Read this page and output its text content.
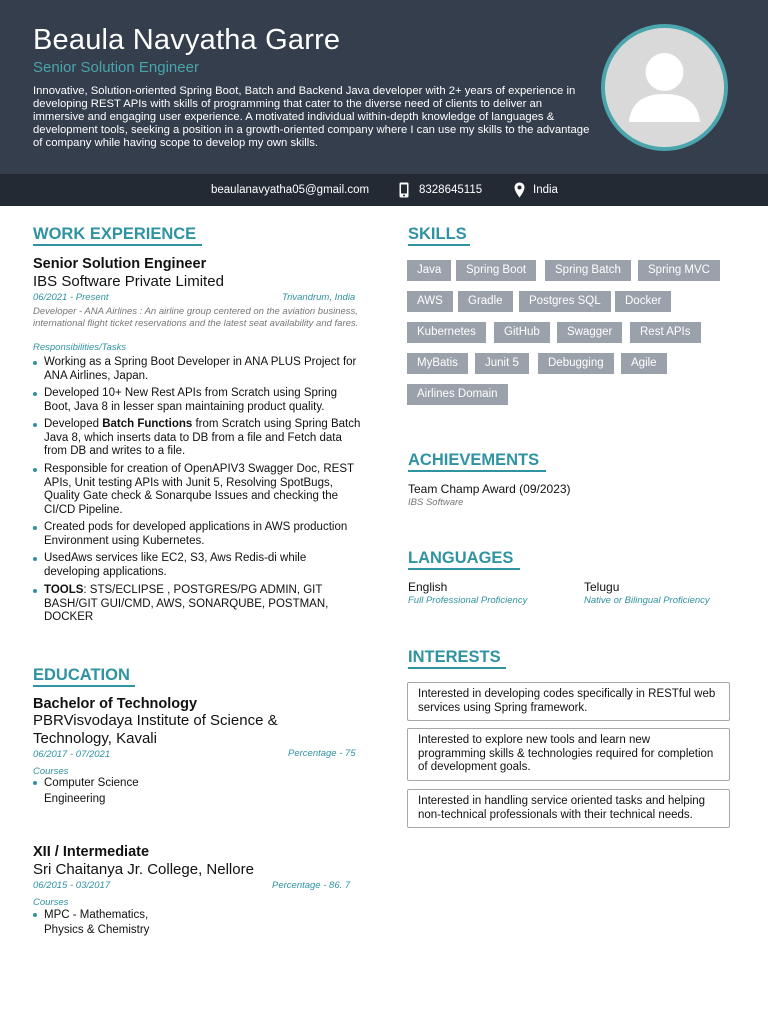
Beaula Navyatha Garre
Senior Solution Engineer
Innovative, Solution-oriented Spring Boot, Batch and Backend Java developer with 2+ years of experience in developing REST APIs with skills of programming that cater to the diverse need of clients to deliver an immersive and engaging user experience. A motivated individual within-depth knowledge of languages & development tools, seeking a position in a growth-oriented company where I can use my skills to the advantage of company while having scope to develop my own skills.
beaulanavyatha05@gmail.com	8328645115	India
WORK EXPERIENCE
Senior Solution Engineer
IBS Software Private Limited
06/2021 - Present	Trivandrum, India
Developer - ANA Airlines : An airline group centered on the aviation business, international flight ticket reservations and the latest seat availability and fares.
Responsibilities/Tasks
Working as a Spring Boot Developer in ANA PLUS Project for ANA Airlines, Japan.
Developed 10+ New Rest APIs from Scratch using Spring Boot, Java 8 in lesser span maintaining product quality.
Developed Batch Functions from Scratch using Spring Batch Java 8, which inserts data to DB from a file and Fetch data from DB and writes to a file.
Responsible for creation of OpenAPIV3 Swagger Doc, REST APIs, Unit testing APIs with Junit 5, Resolving SpotBugs, Quality Gate check & Sonarqube Issues and checking the CI/CD Pipeline.
Created pods for developed applications in AWS production Environment using Kubernetes.
UsedAws services like EC2, S3, Aws Redis-di while developing applications.
TOOLS: STS/ECLIPSE , POSTGRES/PG ADMIN, GIT BASH/GIT GUI/CMD, AWS, SONARQUBE, POSTMAN, DOCKER
EDUCATION
Bachelor of Technology
PBRVisvodaya Institute of Science & Technology, Kavali
06/2017 - 07/2021	Percentage - 75
Courses
Computer Science Engineering
XII / Intermediate
Sri Chaitanya Jr. College, Nellore
06/2015 - 03/2017	Percentage - 86. 7
Courses
MPC - Mathematics, Physics & Chemistry
SKILLS
Java	Spring Boot	Spring Batch	Spring MVC
AWS	Gradle	Postgres SQL	Docker
Kubernetes	GitHub	Swagger	Rest APIs
MyBatis	Junit 5	Debugging	Agile
Airlines Domain
ACHIEVEMENTS
Team Champ Award (09/2023)
IBS Software
LANGUAGES
English
Full Professional Proficiency
Telugu
Native or Bilingual Proficiency
INTERESTS
Interested in developing codes specifically in RESTful web services using Spring framework.
Interested to explore new tools and learn new programming skills & technologies required for completion of development goals.
Interested in handling service oriented tasks and helping non-technical professionals with their technical needs.
